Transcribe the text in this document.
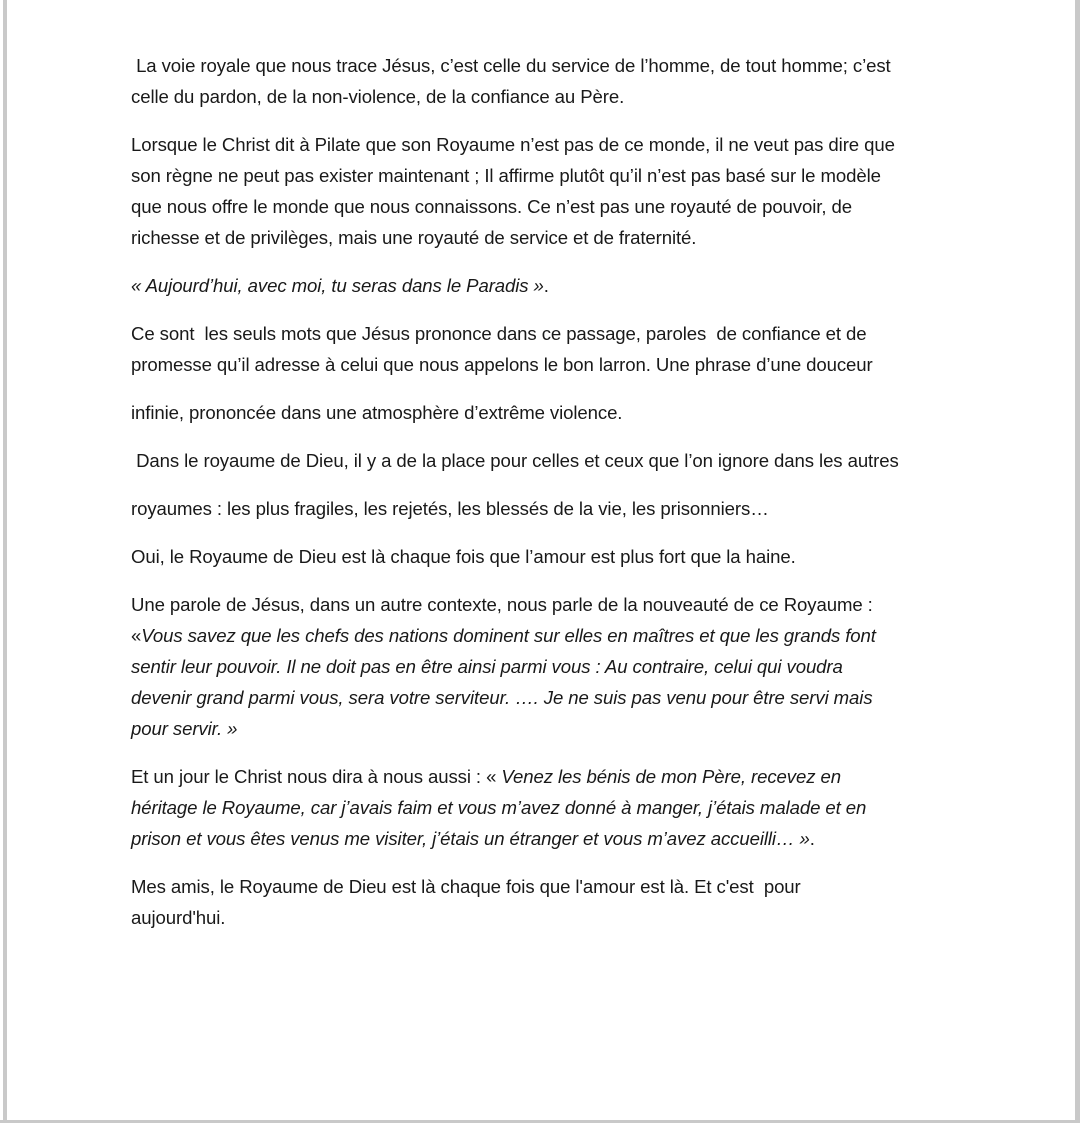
La voie royale que nous trace Jésus, c’est celle du service de l’homme, de tout homme; c’est
celle du pardon, de la non-violence, de la confiance au Père.
Lorsque le Christ dit à Pilate que son Royaume n’est pas de ce monde, il ne veut pas dire que
son règne ne peut pas exister maintenant ; Il affirme plutôt qu’il n’est pas basé sur le modèle
que nous offre le monde que nous connaissons. Ce n’est pas une royauté de pouvoir, de
richesse et de privilèges, mais une royauté de service et de fraternité.
« Aujourd’hui, avec moi, tu seras dans le Paradis ».
Ce sont  les seuls mots que Jésus prononce dans ce passage, paroles  de confiance et de
promesse qu’il adresse à celui que nous appelons le bon larron. Une phrase d’une douceur
infinie, prononcée dans une atmosphère d’extrême violence.
Dans le royaume de Dieu, il y a de la place pour celles et ceux que l’on ignore dans les autres
royaumes : les plus fragiles, les rejetés, les blessés de la vie, les prisonniers…
Oui, le Royaume de Dieu est là chaque fois que l’amour est plus fort que la haine.
Une parole de Jésus, dans un autre contexte, nous parle de la nouveauté de ce Royaume :
«Vous savez que les chefs des nations dominent sur elles en maîtres et que les grands font
sentir leur pouvoir. Il ne doit pas en être ainsi parmi vous : Au contraire, celui qui voudra
devenir grand parmi vous, sera votre serviteur. …. Je ne suis pas venu pour être servi mais
pour servir. »
Et un jour le Christ nous dira à nous aussi : « Venez les bénis de mon Père, recevez en
héritage le Royaume, car j’avais faim et vous m’avez donné à manger, j’étais malade et en
prison et vous êtes venus me visiter, j’étais un étranger et vous m’avez accueilli… ».
Mes amis, le Royaume de Dieu est là chaque fois que l'amour est là. Et c'est  pour
aujourd'hui.
